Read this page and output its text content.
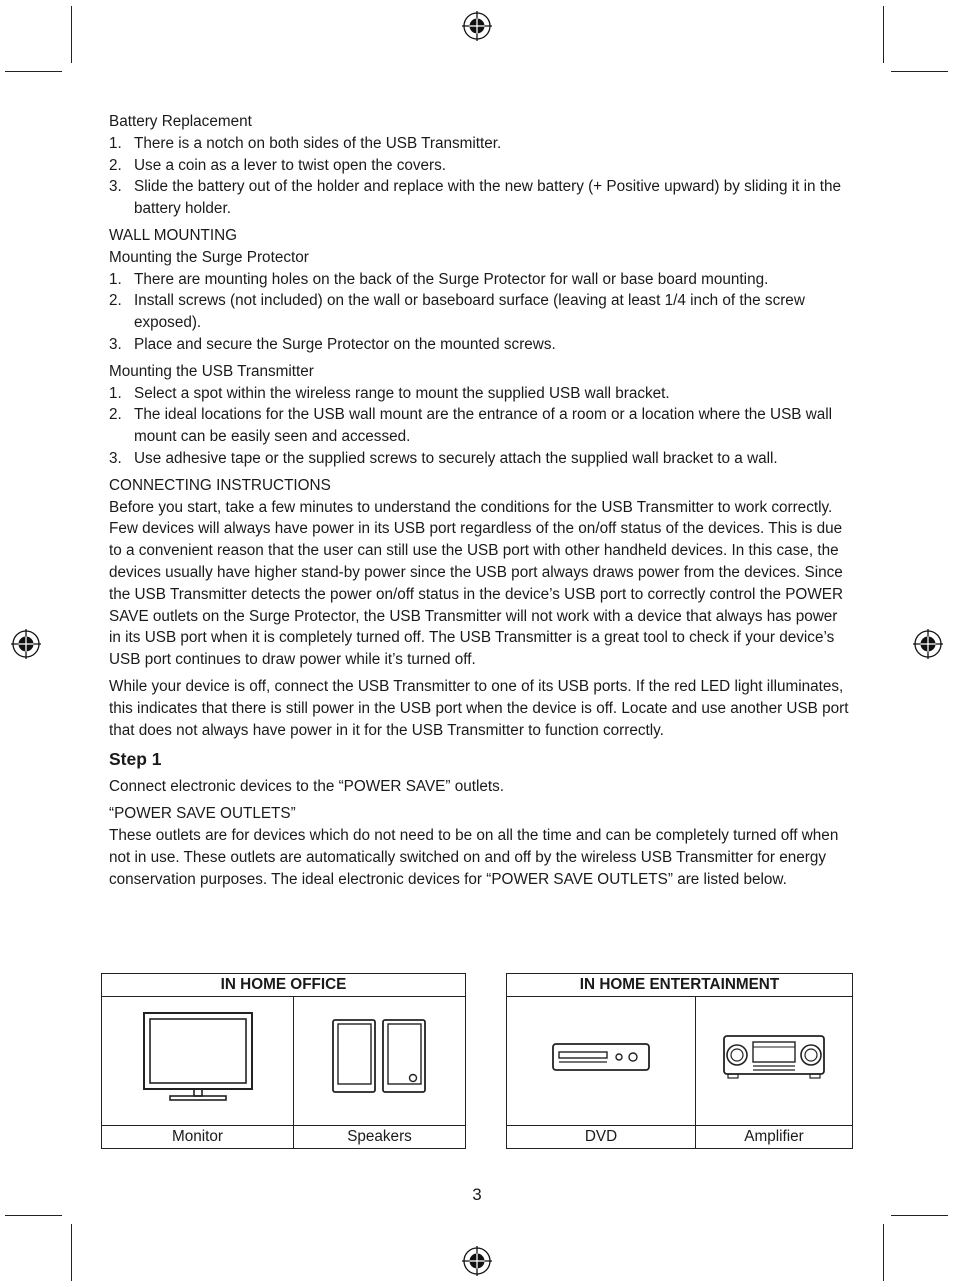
Battery Replacement

1. There is a notch on both sides of the USB Transmitter.
2. Use a coin as a lever to twist open the covers.
3. Slide the battery out of the holder and replace with the new battery (+ Positive upward) by sliding it in the battery holder.

WALL MOUNTING

Mounting the Surge Protector

1. There are mounting holes on the back of the Surge Protector for wall or base board mounting.
2. Install screws (not included) on the wall or baseboard surface (leaving at least 1/4 inch of the screw exposed).
3. Place and secure the Surge Protector on the mounted screws.

Mounting the USB Transmitter

1. Select a spot within the wireless range to mount the supplied USB wall bracket.
2. The ideal locations for the USB wall mount are the entrance of a room or a location where the USB wall mount can be easily seen and accessed.
3. Use adhesive tape or the supplied screws to securely attach the supplied wall bracket to a wall.

CONNECTING INSTRUCTIONS

Before you start, take a few minutes to understand the conditions for the USB Transmitter to work correctly. Few devices will always have power in its USB port regardless of the on/off status of the devices. This is due to a convenient reason that the user can still use the USB port with other handheld devices. In this case, the devices usually have higher stand-by power since the USB port always draws power from the devices. Since the USB Transmitter detects the power on/off status in the device’s USB port to correctly control the POWER SAVE outlets on the Surge Protector, the USB Transmitter will not work with a device that always has power in its USB port when it is completely turned off. The USB Transmitter is a great tool to check if your device’s USB port continues to draw power while it’s turned off.

While your device is off, connect the USB Transmitter to one of its USB ports. If the red LED light illuminates, this indicates that there is still power in the USB port when the device is off. Locate and use another USB port that does not always have power in it for the USB Transmitter to function correctly.

Step 1

Connect electronic devices to the “POWER SAVE” outlets.

“POWER SAVE OUTLETS”

These outlets are for devices which do not need to be on all the time and can be completely turned off when not in use. These outlets are automatically switched on and off by the wireless USB Transmitter for energy conservation purposes. The ideal electronic devices for “POWER SAVE OUTLETS” are listed below.

IN HOME OFFICE	

Monitor	Speakers
IN HOME ENTERTAINMENT	

DVD	Amplifier
3
